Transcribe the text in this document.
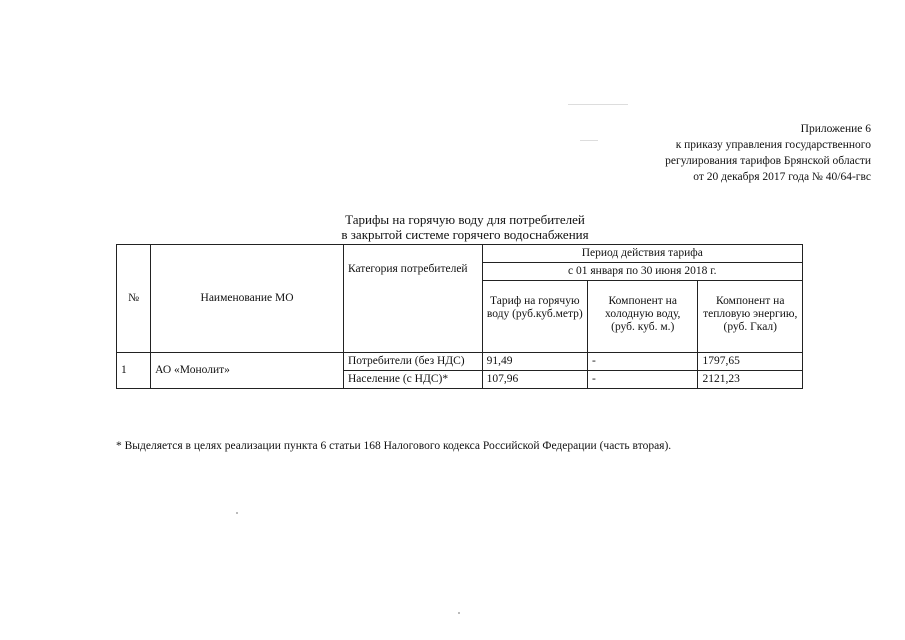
Приложение 6
к приказу управления государственного
регулирования тарифов Брянской области
от 20 декабря 2017 года № 40/64-гвс
Тарифы на горячую воду для потребителей
в закрытой системе горячего водоснабжения
№	Наименование МО	Категория потребителей	Период действия тарифа		
			с 01 января по 30 июня 2018 г.		
			Тариф на горячую воду (руб.куб.метр)	Компонент на холодную воду, (руб. куб. м.)	Компонент на тепловую энергию, (руб. Гкал)
1	АО «Монолит»	Потребители (без НДС)	91,49	-	1797,65
		Население (с НДС)*	107,96	-	2121,23
* Выделяется в целях реализации пункта 6 статьи 168 Налогового кодекса Российской Федерации (часть вторая).
